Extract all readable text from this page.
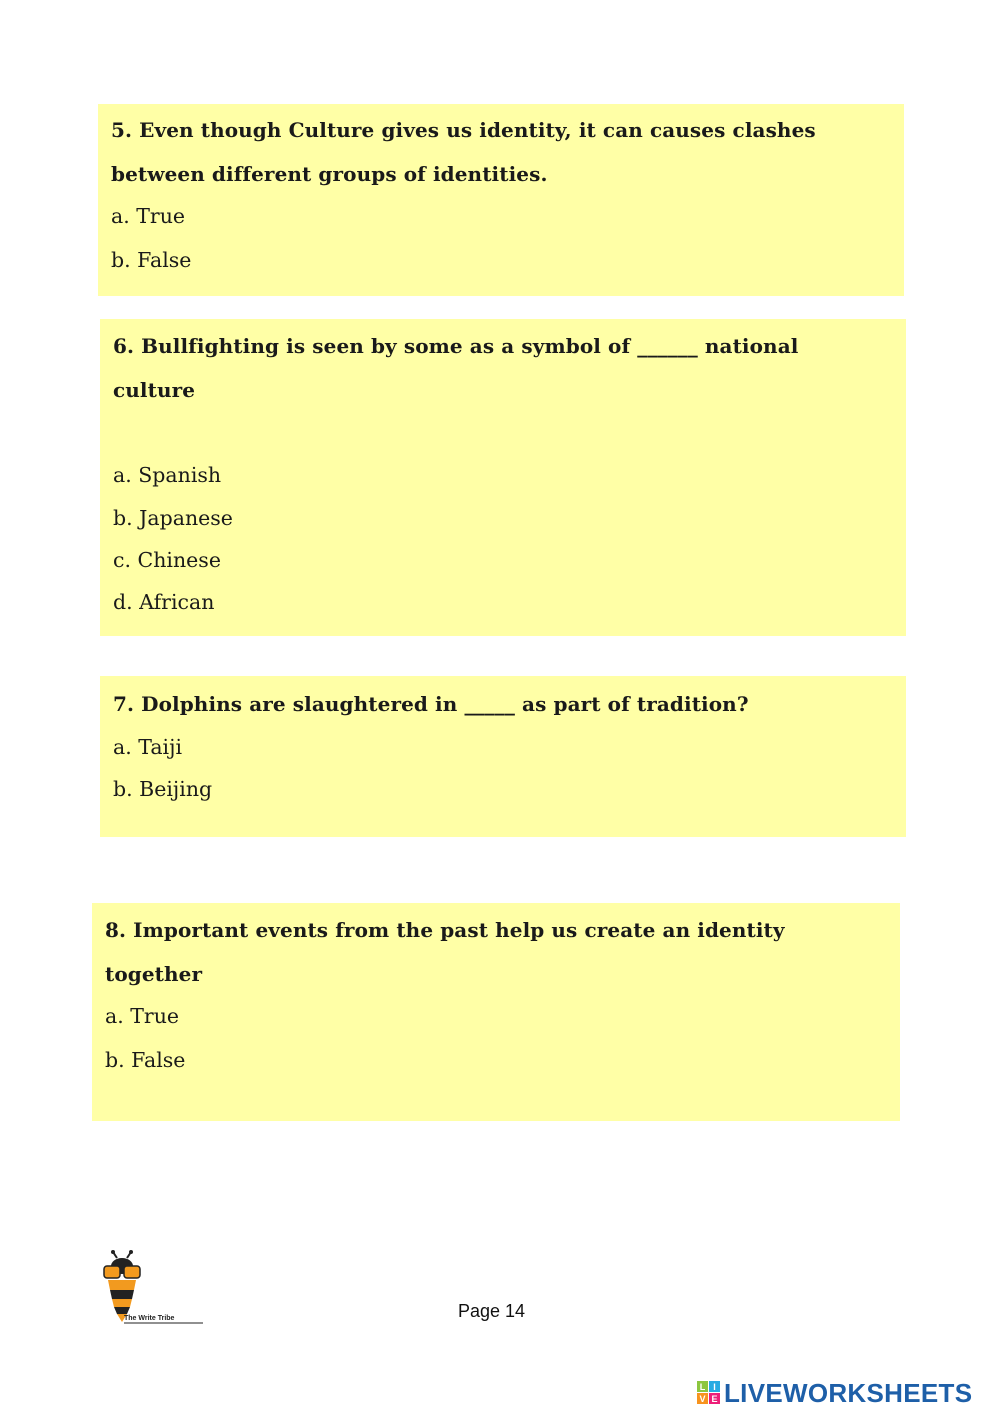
5. Even though Culture gives us identity, it can causes clashes between different groups of identities.
a. True
b. False
6. Bullfighting is seen by some as a symbol of ______ national culture
a. Spanish
b. Japanese
c. Chinese
d. African
7. Dolphins are slaughtered in _____ as part of tradition?
a. Taiji
b. Beijing
8. Important events from the past help us create an identity together
a. True
b. False
The Write Tribe	Page 14
L I
V E LIVEWORKSHEETS
